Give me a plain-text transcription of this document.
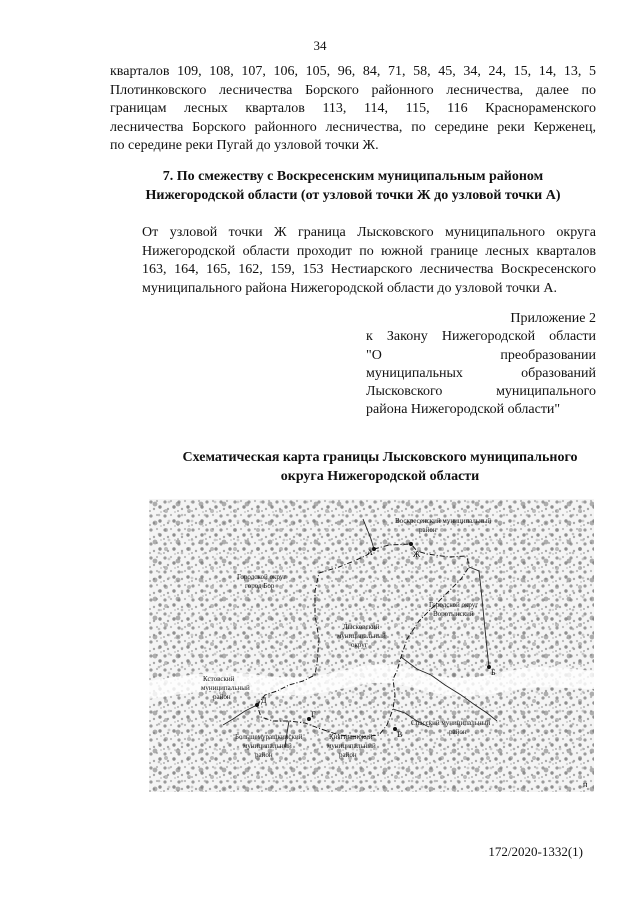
34
кварталов 109, 108, 107, 106, 105, 96, 84, 71, 58, 45, 34, 24, 15, 14, 13, 5
Плотинковского лесничества Борского районного лесничества, далее по
границам лесных кварталов 113, 114, 115, 116 Краснораменского
лесничества Борского районного лесничества, по середине реки Керженец,
по середине реки Пугай до узловой точки Ж.
7. По смежеству с Воскресенским муниципальным районом
Нижегородской области (от узловой точки Ж до узловой точки А)
От узловой точки Ж граница Лысковского муниципального округа
Нижегородской области проходит по южной границе лесных кварталов
163, 164, 165, 162, 159, 153 Нестиарского лесничества Воскресенского
муниципального района Нижегородской области до узловой точки А.
Приложение 2
к Закону Нижегородской области
"О преобразовании
муниципальных образований
Лысковского муниципального
района Нижегородской области"
Схематическая карта границы Лысковского муниципального
округа Нижегородской области
А	Ж
Б
В
Г
Д
Воскресенский муниципальный
район
Городской округ
город Бор
Городской округ
Воротынский
Лысковский
муниципальный
округ
Кстовский
муниципальный
район
Большемурашкинский
муниципальный
район
Княгининский
муниципальный
район
Спасский муниципальный
район
н
172/2020-1332(1)
